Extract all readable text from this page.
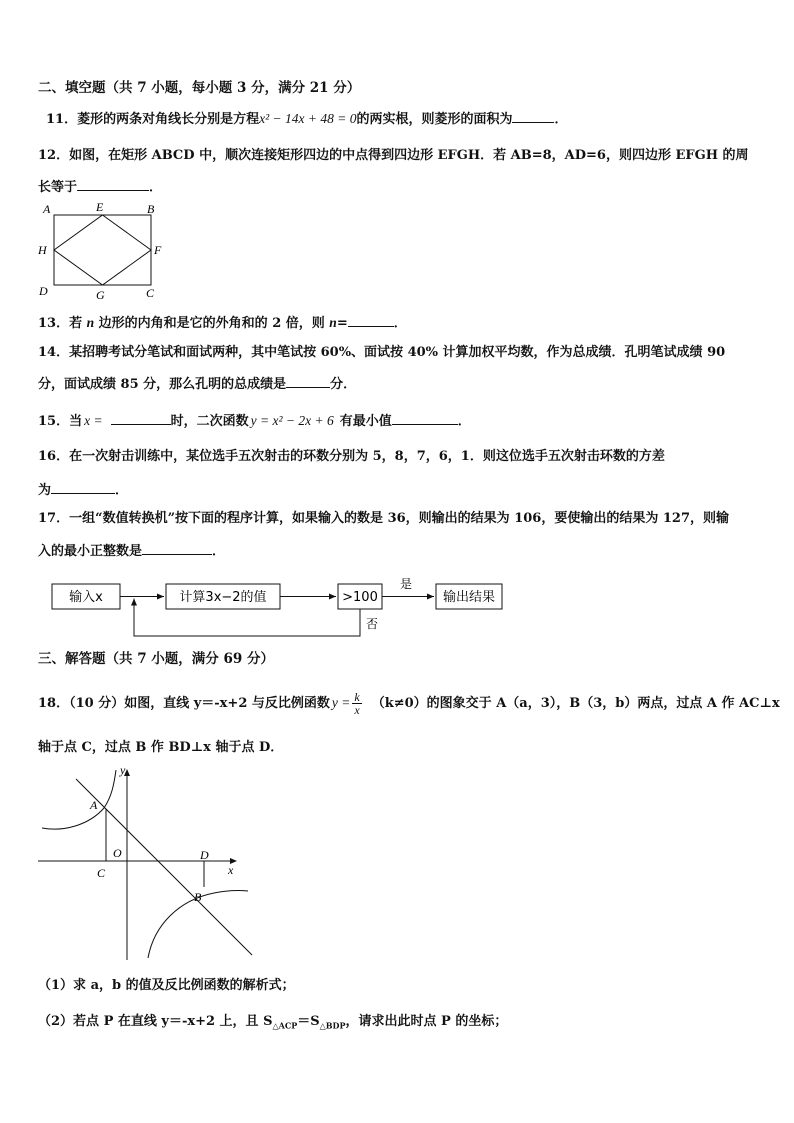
二、填空题（共 7 小题，每小题 3 分，满分 21 分）
11．菱形的两条对角线长分别是方程x² − 14x + 48 = 0的两实根，则菱形的面积为	．
12．如图，在矩形 ABCD 中，顺次连接矩形四边的中点得到四边形 EFGH．若 AB=8，AD=6，则四边形 EFGH 的周
长等于	．
A	E	B
H	F
D	G	C
13．若 n 边形的内角和是它的外角和的 2 倍，则 n=	．
14．某招聘考试分笔试和面试两种，其中笔试按 60%、面试按 40% 计算加权平均数，作为总成绩．孔明笔试成绩 90
分，面试成绩 85 分，那么孔明的总成绩是	分．
15．当 x =	时，二次函数 y = x² − 2x + 6 有最小值	．
16．在一次射击训练中，某位选手五次射击的环数分别为 5，8，7，6，1．则这位选手五次射击环数的方差
为	．
17．一组“数值转换机”按下面的程序计算，如果输入的数是 36，则输出的结果为 106，要使输出的结果为 127，则输
入的最小正整数是	．
输入x	计算3x−2的值	>100
是
输出结果
否
三、解答题（共 7 小题，满分 69 分）
18．（10 分）如图，直线 y＝-x+2 与反比例函数 $y = \frac{k}{x} (k\ne 0)$的图象交于 A（a，3），B（3，b）两点，过点 A 作 AC⊥x
轴于点 C，过点 B 作 BD⊥x 轴于点 D．
y
x
O
A
C
D
B
（1）求 a，b 的值及反比例函数的解析式；
（2）若点 P 在直线 y＝-x+2 上，且 $S_{\triangle ACP}=S_{\triangle BDP}$，请求出此时点 P 的坐标；
